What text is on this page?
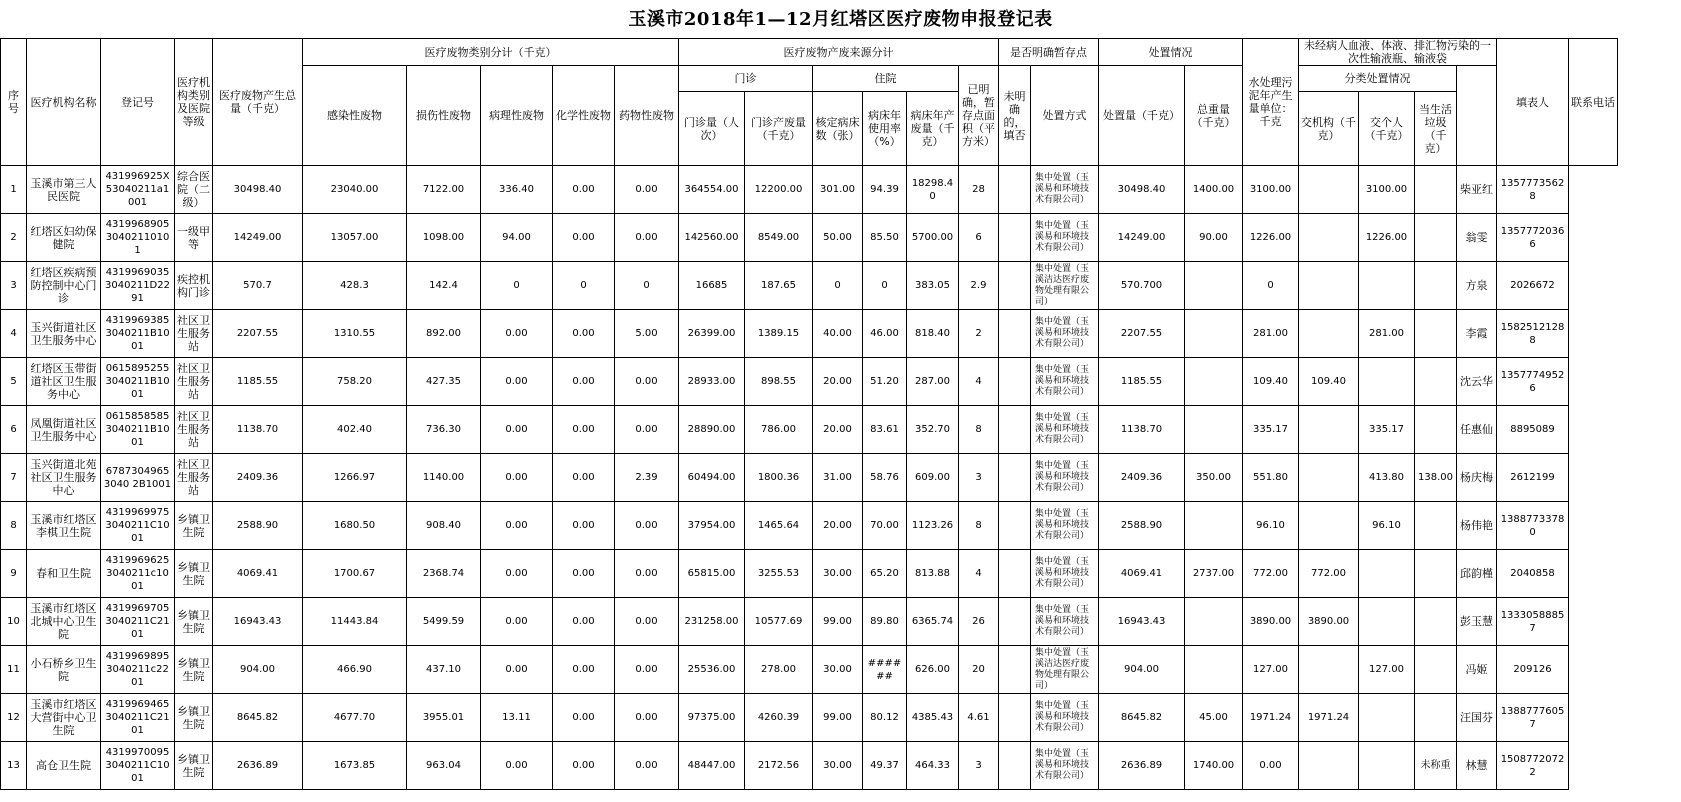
玉溪市2018年1—12月红塔区医疗废物申报登记表
序号	医疗机构名称	登记号	医疗机构类别及医院等级	医疗废物产生总量（千克）	医疗废物类别分计（千克）					医疗废物产废来源分计						是否明确暂存点		处置情况		水处理污泥年产生量单位：千克	未经病人血液、体液、排汇物污染的一次性输液瓶、输液袋				填表人	联系电话
					感染性废物	损伤性废物	病理性废物	化学性废物	药物性废物	门诊		住院			已明确，暂存点面积（平方米）	未明确的，填否	处置方式	处置量（千克）	总重量（千克）		分类处置情况					
										门诊量（人次）	门诊产废量（千克）	核定病床数（张）	病床年使用率（%）	病床年产废量（千克）							交机构（千克）	交个人（千克）	当生活垃圾（千克）			

1	玉溪市第三人民医院	431996925X53040211a1001	综合医院（二级）	30498.40	23040.00	7122.00	336.40	0.00	0.00	364554.00	12200.00	301.00	94.39	18298.40	28		集中处置（玉溪易和环境技术有限公司）	30498.40	1400.00	3100.00		3100.00		柴亚红	13577735628	
2	红塔区妇幼保健院	431996890530402110101	一级甲等	14249.00	13057.00	1098.00	94.00	0.00	0.00	142560.00	8549.00	50.00	85.50	5700.00	6		集中处置（玉溪易和环境技术有限公司）	14249.00	90.00	1226.00		1226.00		翁雯	13577720366	
3	红塔区疾病预防控制中心门诊	43199690353040211D2291	疾控机构门诊	570.7	428.3	142.4	0	0	0	16685	187.65	0	0	383.05	2.9		集中处置（玉溪洁达医疗废物处理有限公司）	570.700		0				方泉	2026672	
4	玉兴街道社区卫生服务中心	43199693853040211B1001	社区卫生服务站	2207.55	1310.55	892.00	0.00	0.00	5.00	26399.00	1389.15	40.00	46.00	818.40	2		集中处置（玉溪易和环境技术有限公司）	2207.55		281.00		281.00		李霞	15825121288	
5	红塔区玉带街道社区卫生服务中心	06158952553040211B1001	社区卫生服务站	1185.55	758.20	427.35	0.00	0.00	0.00	28933.00	898.55	20.00	51.20	287.00	4		集中处置（玉溪易和环境技术有限公司）	1185.55		109.40	109.40			沈云华	13577749526	
6	凤凰街道社区卫生服务中心	06158585853040211B1001	社区卫生服务站	1138.70	402.40	736.30	0.00	0.00	0.00	28890.00	786.00	20.00	83.61	352.70	8		集中处置（玉溪易和环境技术有限公司）	1138.70		335.17		335.17		任惠仙	8895089	
7	玉兴街道北苑社区卫生服务中心	67873049653040 2B1001	社区卫生服务站	2409.36	1266.97	1140.00	0.00	0.00	2.39	60494.00	1800.36	31.00	58.76	609.00	3		集中处置（玉溪易和环境技术有限公司）	2409.36	350.00	551.80		413.80	138.00	杨庆梅	2612199	
8	玉溪市红塔区李棋卫生院	43199699753040211C1001	乡镇卫生院	2588.90	1680.50	908.40	0.00	0.00	0.00	37954.00	1465.64	20.00	70.00	1123.26	8		集中处置（玉溪易和环境技术有限公司）	2588.90		96.10		96.10		杨伟艳	13887733780	
9	春和卫生院	43199696253040211c1001	乡镇卫生院	4069.41	1700.67	2368.74	0.00	0.00	0.00	65815.00	3255.53	30.00	65.20	813.88	4		集中处置（玉溪易和环境技术有限公司）	4069.41	2737.00	772.00	772.00			邱韵槿	2040858	
10	玉溪市红塔区北城中心卫生院	43199697053040211C2101	乡镇卫生院	16943.43	11443.84	5499.59	0.00	0.00	0.00	231258.00	10577.69	99.00	89.80	6365.74	26		集中处置（玉溪易和环境技术有限公司）	16943.43		3890.00	3890.00			彭玉慧	13330588857	
11	小石桥乡卫生院	43199698953040211c2201	乡镇卫生院	904.00	466.90	437.10	0.00	0.00	0.00	25536.00	278.00	30.00	######	626.00	20		集中处置（玉溪洁达医疗废物处理有限公司）	904.00		127.00		127.00		冯姬	209126	
12	玉溪市红塔区大营街中心卫生院	43199694653040211C2101	乡镇卫生院	8645.82	4677.70	3955.01	13.11	0.00	0.00	97375.00	4260.39	99.00	80.12	4385.43	4.61		集中处置（玉溪易和环境技术有限公司）	8645.82	45.00	1971.24	1971.24			汪国芬	13887776057	
13	高仓卫生院	43199700953040211C1001	乡镇卫生院	2636.89	1673.85	963.04	0.00	0.00	0.00	48447.00	2172.56	30.00	49.37	464.33	3		集中处置（玉溪易和环境技术有限公司）	2636.89	1740.00	0.00			未称重	林慧	15087720722	
